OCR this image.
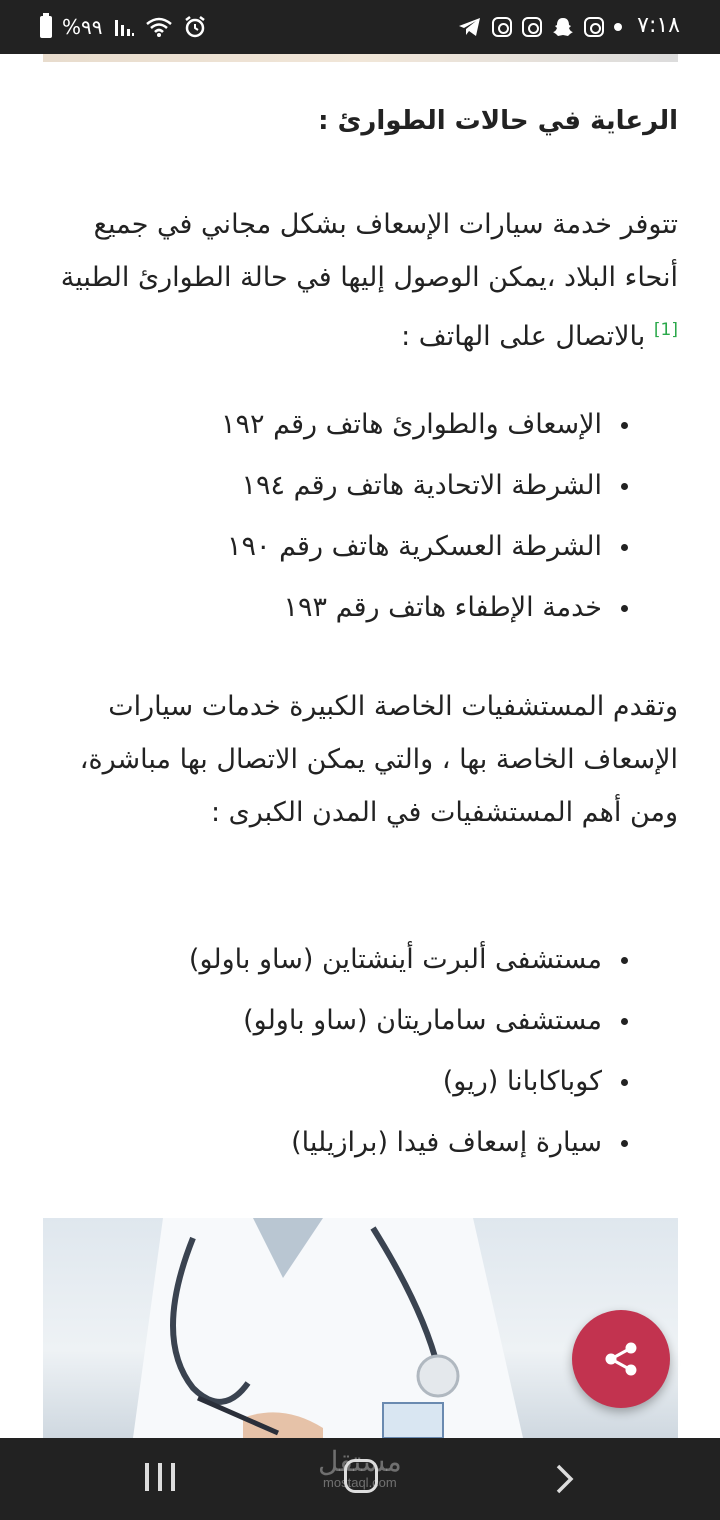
٧:١٨
%٩٩
الرعاية في حالات الطوارئ :

تتوفر خدمة سيارات الإسعاف بشكل مجاني في جميع أنحاء البلاد ،يمكن الوصول إليها في حالة الطوارئ الطبية [1] بالاتصال على الهاتف :

الإسعاف والطوارئ هاتف رقم ١٩٢
الشرطة الاتحادية هاتف رقم ١٩٤
الشرطة العسكرية هاتف رقم ١٩٠
خدمة الإطفاء هاتف رقم ١٩٣

وتقدم المستشفيات الخاصة الكبيرة خدمات سيارات الإسعاف الخاصة بها ، والتي يمكن الاتصال بها مباشرة، ومن أهم المستشفيات في المدن الكبرى :

مستشفى ألبرت أينشتاين (ساو باولو)
مستشفى ساماريتان (ساو باولو)
كوباكابانا (ريو)
سيارة إسعاف فيدا (برازيليا)
مستقل
mostaql.com
